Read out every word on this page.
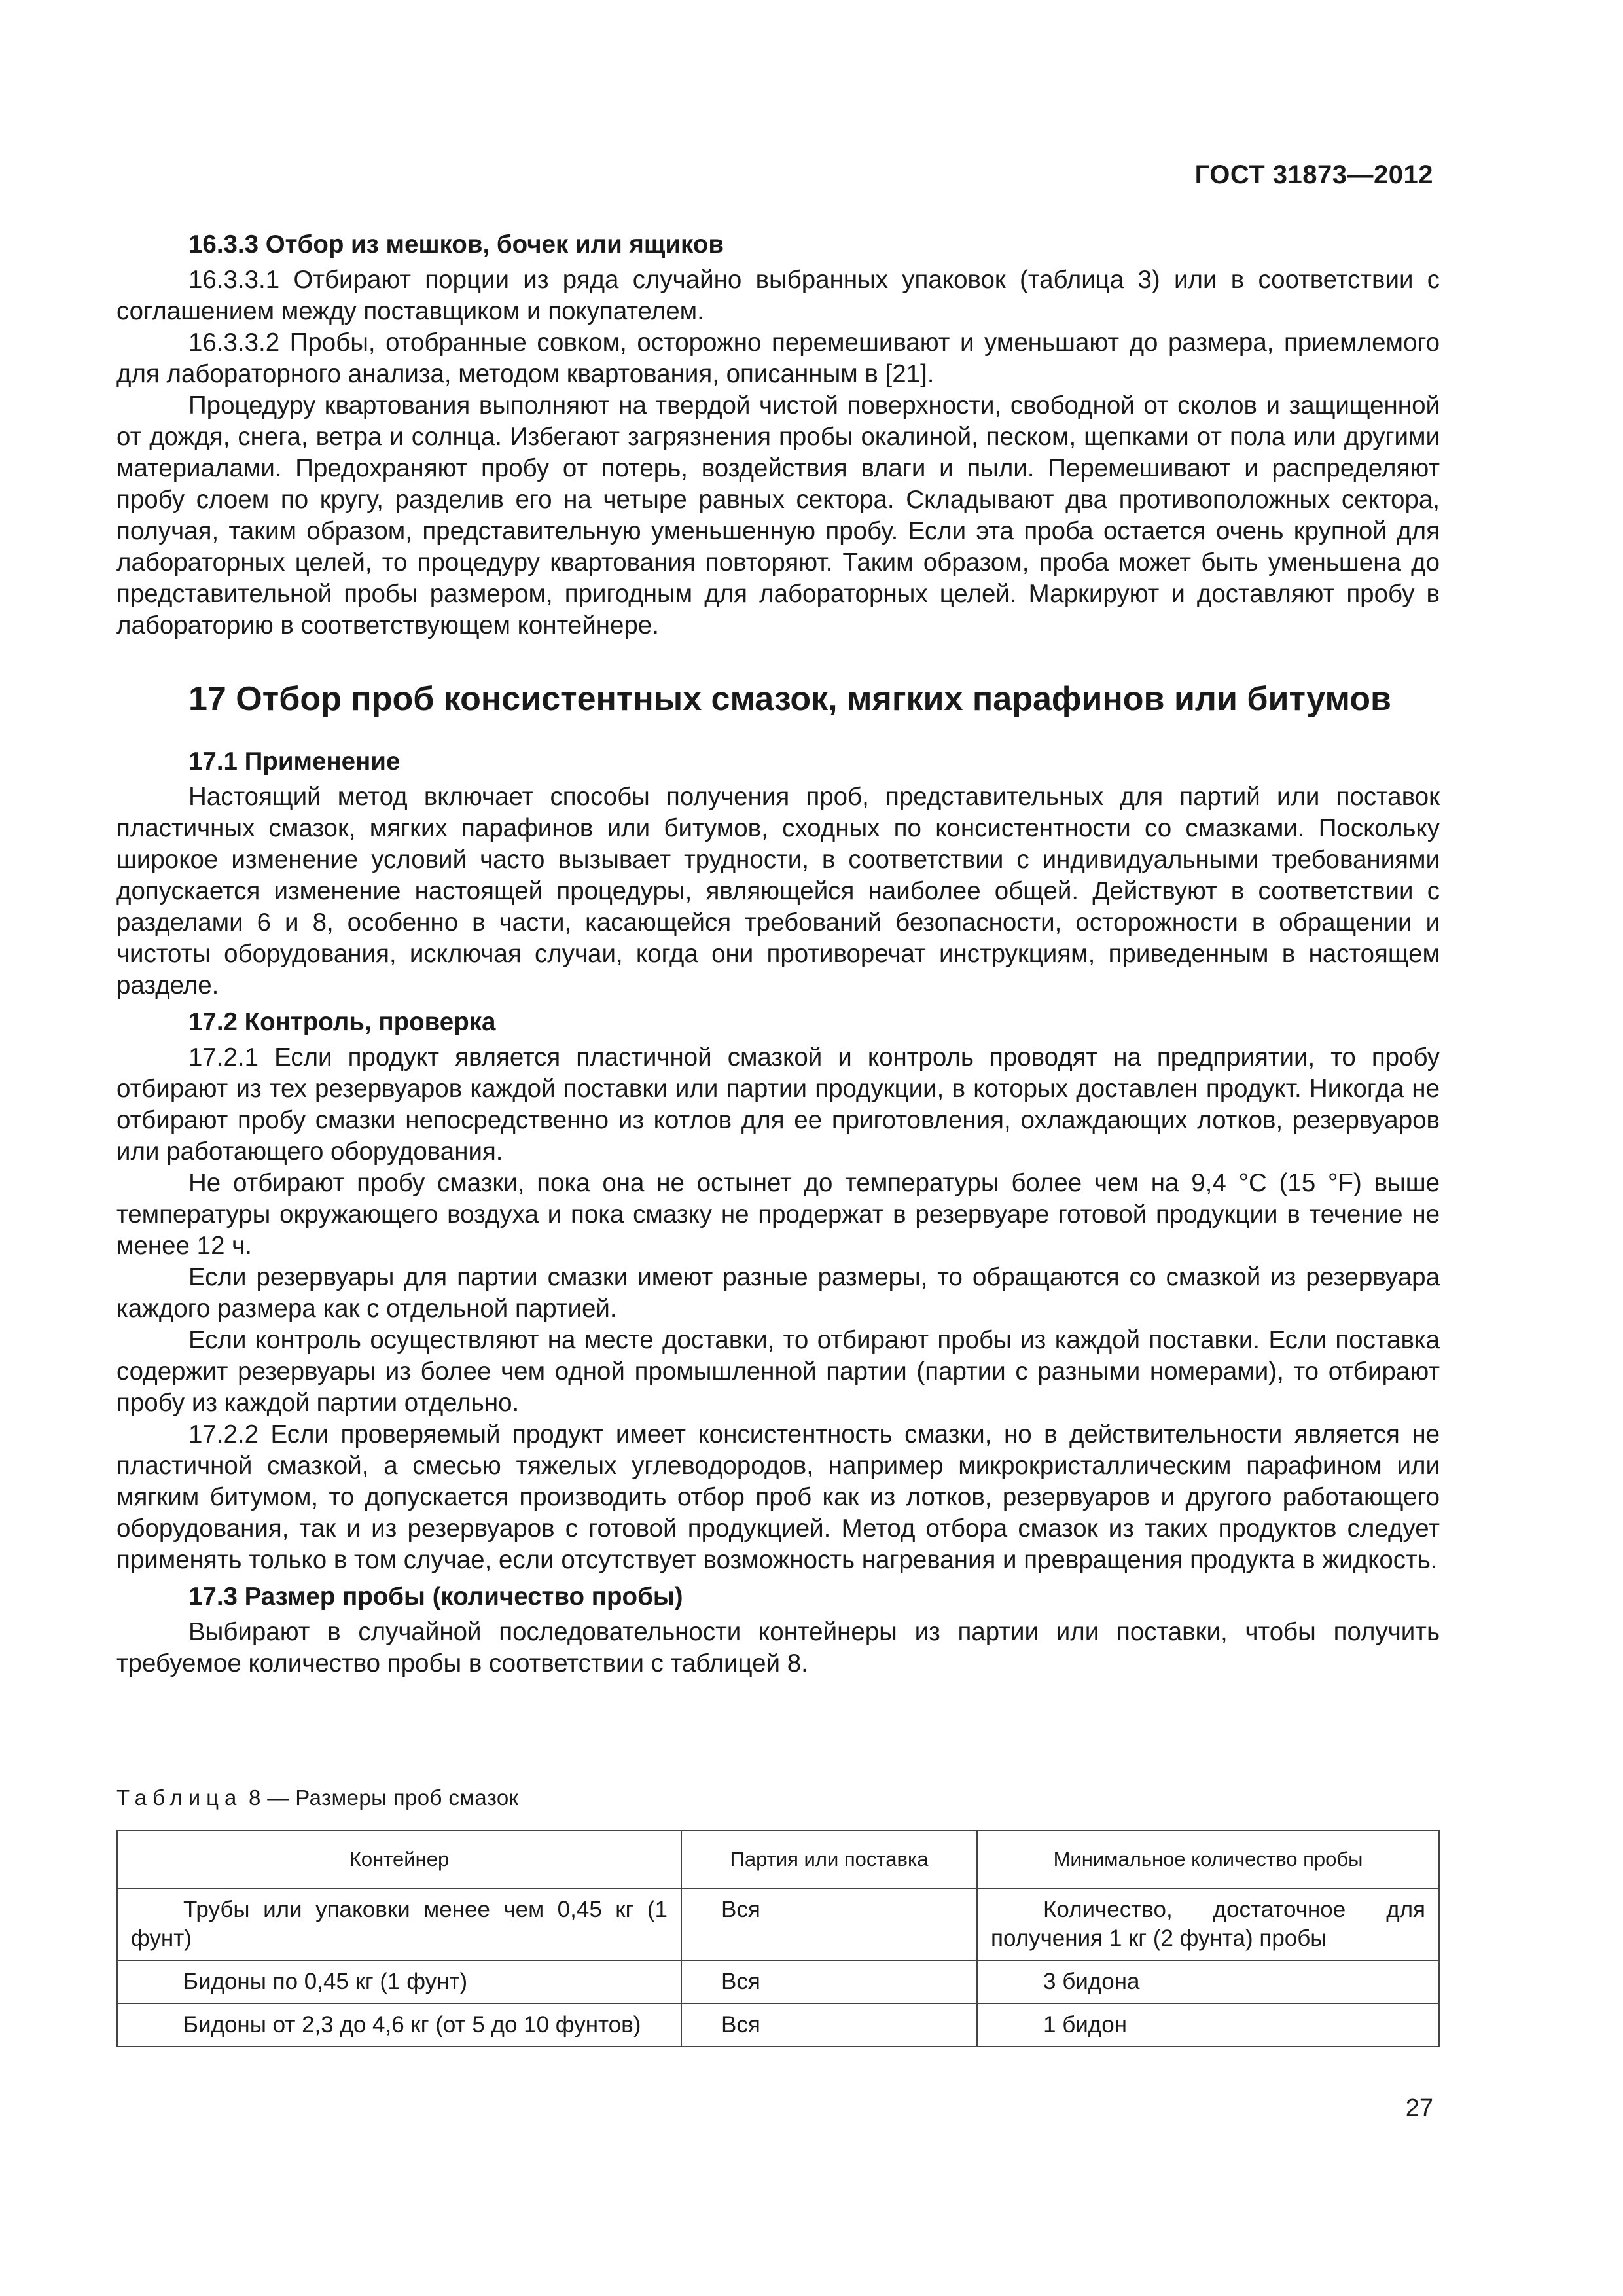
ГОСТ 31873—2012
16.3.3 Отбор из мешков, бочек или ящиков

16.3.3.1 Отбирают порции из ряда случайно выбранных упаковок (таблица 3) или в соответствии с соглашением между поставщиком и покупателем.

16.3.3.2 Пробы, отобранные совком, осторожно перемешивают и уменьшают до размера, приемлемого для лабораторного анализа, методом квартования, описанным в [21].

Процедуру квартования выполняют на твердой чистой поверхности, свободной от сколов и защищенной от дождя, снега, ветра и солнца. Избегают загрязнения пробы окалиной, песком, щепками от пола или другими материалами. Предохраняют пробу от потерь, воздействия влаги и пыли. Перемешивают и распределяют пробу слоем по кругу, разделив его на четыре равных сектора. Складывают два противоположных сектора, получая, таким образом, представительную уменьшенную пробу. Если эта проба остается очень крупной для лабораторных целей, то процедуру квартования повторяют. Таким образом, проба может быть уменьшена до представительной пробы размером, пригодным для лабораторных целей. Маркируют и доставляют пробу в лабораторию в соответствующем контейнере.

17 Отбор проб консистентных смазок, мягких парафинов или битумов
17.1 Применение

Настоящий метод включает способы получения проб, представительных для партий или поставок пластичных смазок, мягких парафинов или битумов, сходных по консистентности со смазками. Поскольку широкое изменение условий часто вызывает трудности, в соответствии с индивидуальными требованиями допускается изменение настоящей процедуры, являющейся наиболее общей. Действуют в соответствии с разделами 6 и 8, особенно в части, касающейся требований безопасности, осторожности в обращении и чистоты оборудования, исключая случаи, когда они противоречат инструкциям, приведенным в настоящем разделе.

17.2 Контроль, проверка

17.2.1 Если продукт является пластичной смазкой и контроль проводят на предприятии, то пробу отбирают из тех резервуаров каждой поставки или партии продукции, в которых доставлен продукт. Никогда не отбирают пробу смазки непосредственно из котлов для ее приготовления, охлаждающих лотков, резервуаров или работающего оборудования.

Не отбирают пробу смазки, пока она не остынет до температуры более чем на 9,4 °С (15 °F) выше температуры окружающего воздуха и пока смазку не продержат в резервуаре готовой продукции в течение не менее 12 ч.

Если резервуары для партии смазки имеют разные размеры, то обращаются со смазкой из резервуара каждого размера как с отдельной партией.

Если контроль осуществляют на месте доставки, то отбирают пробы из каждой поставки. Если поставка содержит резервуары из более чем одной промышленной партии (партии с разными номерами), то отбирают пробу из каждой партии отдельно.

17.2.2 Если проверяемый продукт имеет консистентность смазки, но в действительности является не пластичной смазкой, а смесью тяжелых углеводородов, например микрокристаллическим парафином или мягким битумом, то допускается производить отбор проб как из лотков, резервуаров и другого работающего оборудования, так и из резервуаров с готовой продукцией. Метод отбора смазок из таких продуктов следует применять только в том случае, если отсутствует возможность нагревания и превращения продукта в жидкость.

17.3 Размер пробы (количество пробы)

Выбирают в случайной последовательности контейнеры из партии или поставки, чтобы получить требуемое количество пробы в соответствии с таблицей 8.

Таблица 8 — Размеры проб смазок
Контейнер	Партия или поставка	Минимальное количество пробы
Трубы или упаковки менее чем 0,45 кг (1 фунт)	Вся	Количество, достаточное для получения 1 кг (2 фунта) пробы
Бидоны по 0,45 кг (1 фунт)	Вся	3 бидона
Бидоны от 2,3 до 4,6 кг (от 5 до 10 фунтов)	Вся	1 бидон
27
